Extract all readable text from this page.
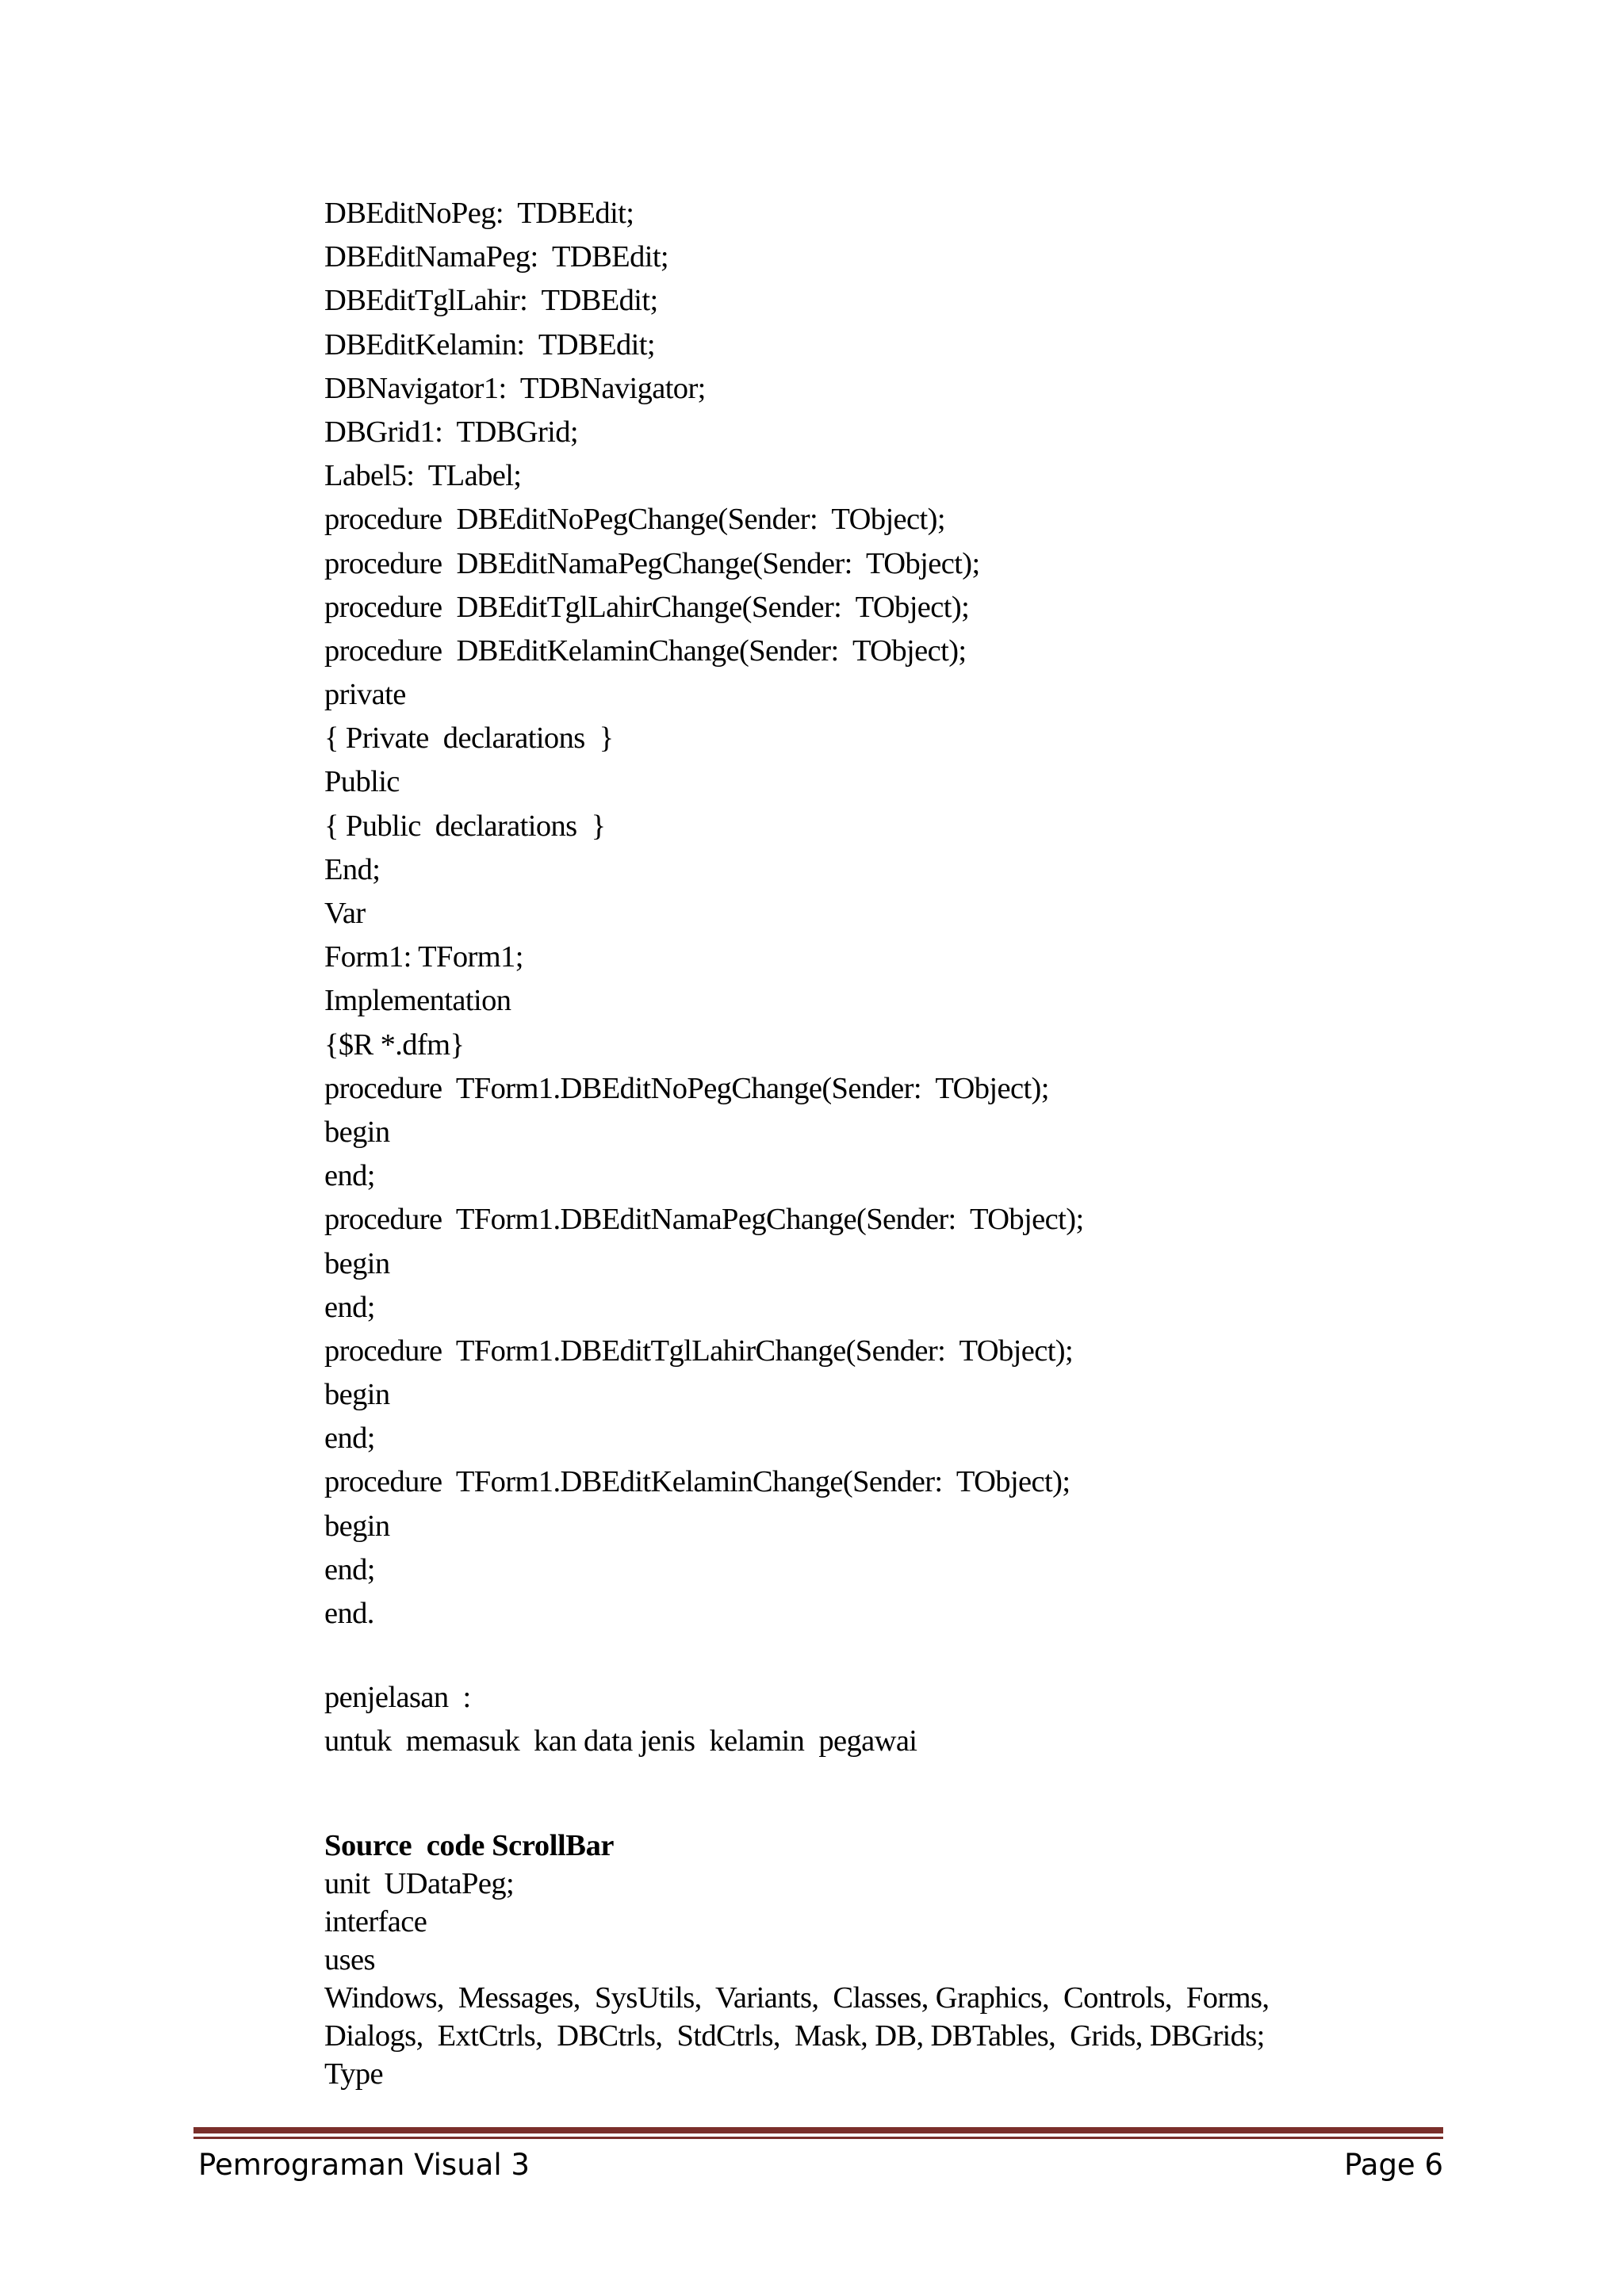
DBEditNoPeg:  TDBEdit;
DBEditNamaPeg:  TDBEdit;
DBEditTglLahir:  TDBEdit;
DBEditKelamin:  TDBEdit;
DBNavigator1:  TDBNavigator;
DBGrid1:  TDBGrid;
Label5:  TLabel;
procedure  DBEditNoPegChange(Sender:  TObject);
procedure  DBEditNamaPegChange(Sender:  TObject);
procedure  DBEditTglLahirChange(Sender:  TObject);
procedure  DBEditKelaminChange(Sender:  TObject);
private
{ Private  declarations  }
Public
{ Public  declarations  }
End;
Var
Form1: TForm1;
Implementation
{$R *.dfm}
procedure  TForm1.DBEditNoPegChange(Sender:  TObject);
begin
end;
procedure  TForm1.DBEditNamaPegChange(Sender:  TObject);
begin
end;
procedure  TForm1.DBEditTglLahirChange(Sender:  TObject);
begin
end;
procedure  TForm1.DBEditKelaminChange(Sender:  TObject);
begin
end;
end.
penjelasan  :
untuk  memasuk  kan data jenis  kelamin  pegawai
Source  code ScrollBar
unit  UDataPeg;
interface
uses
Windows,  Messages,  SysUtils,  Variants,  Classes, Graphics,  Controls,  Forms,
Dialogs,  ExtCtrls,  DBCtrls,  StdCtrls,  Mask, DB, DBTables,  Grids, DBGrids;
Type
Pemrograman Visual 3	Page 6
